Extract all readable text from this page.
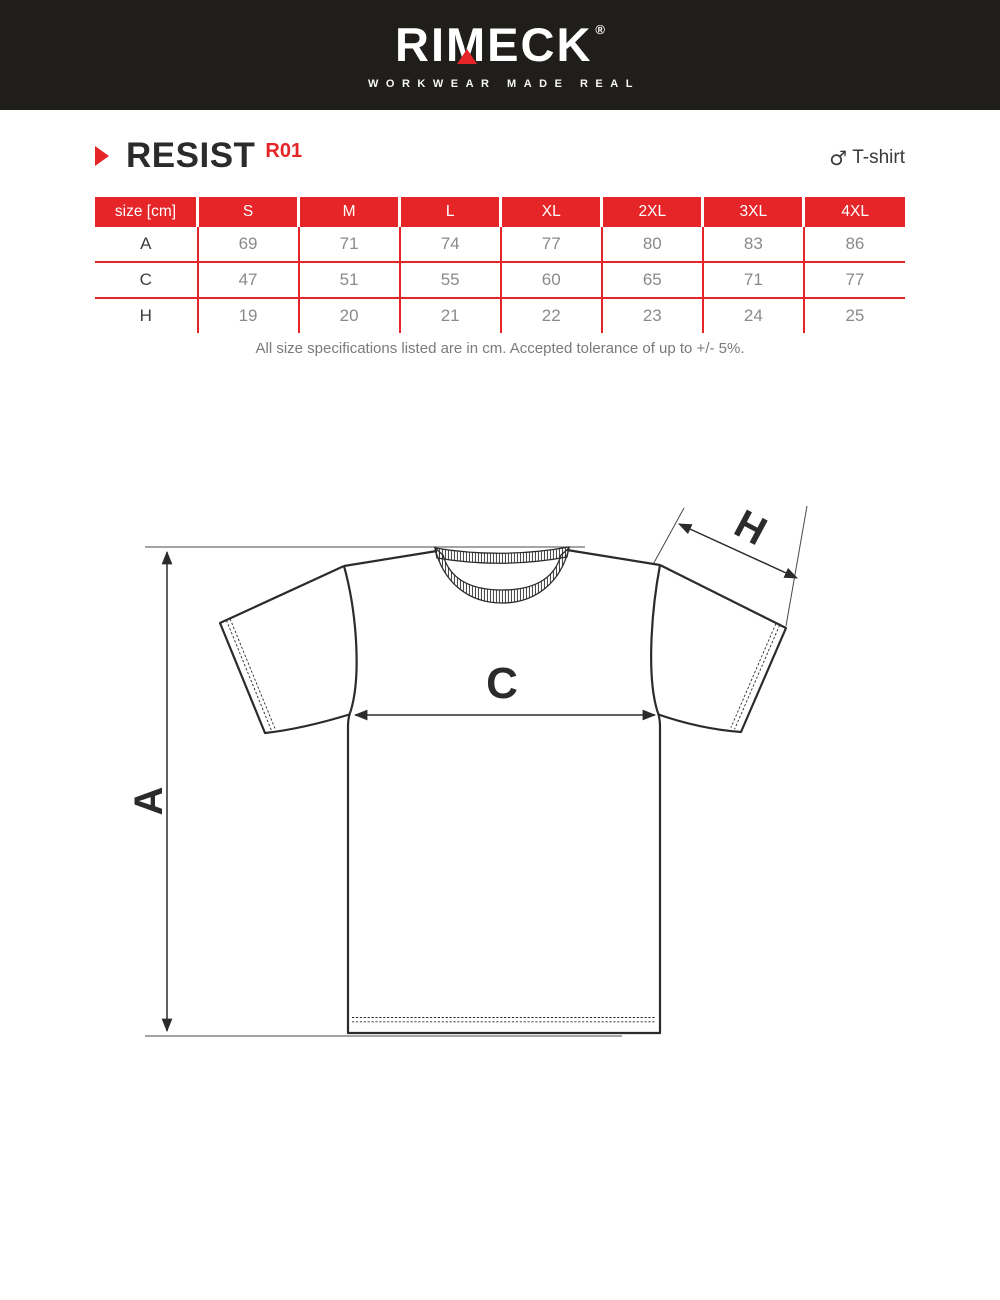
RIM
ECK ®
WORKWEAR MADE REAL
RESIST R01	♂ T-shirt
size [cm]	S	M	L	XL	2XL	3XL	4XL
A	69	71	74	77	80	83	86
C	47	51	55	60	65	71	77
H	19	20	21	22	23	24	25
All size specifications listed are in cm. Accepted tolerance of up to +/- 5%.
A
C
H
